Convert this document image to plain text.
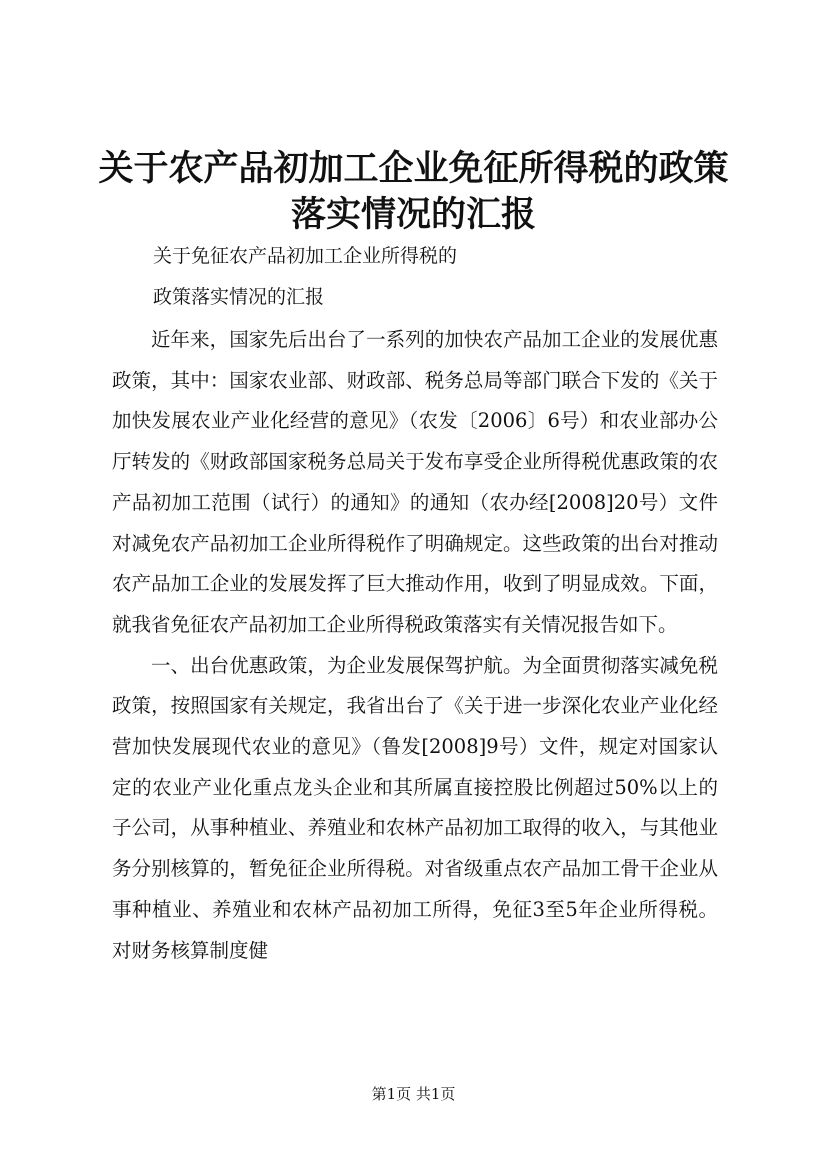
关于农产品初加工企业免征所得税的政策落实情况的汇报
关于免征农产品初加工企业所得税的
政策落实情况的汇报

近年来，国家先后出台了一系列的加快农产品加工企业的发展优惠政策，其中：国家农业部、财政部、税务总局等部门联合下发的《关于加快发展农业产业化经营的意见》（农发〔2006〕6号）和农业部办公厅转发的《财政部国家税务总局关于发布享受企业所得税优惠政策的农产品初加工范围（试行）的通知》的通知（农办经[2008]20号）文件对减免农产品初加工企业所得税作了明确规定。这些政策的出台对推动农产品加工企业的发展发挥了巨大推动作用，收到了明显成效。下面，就我省免征农产品初加工企业所得税政策落实有关情况报告如下。

一、出台优惠政策，为企业发展保驾护航。为全面贯彻落实减免税政策，按照国家有关规定，我省出台了《关于进一步深化农业产业化经营加快发展现代农业的意见》（鲁发[2008]9号）文件，规定对国家认定的农业产业化重点龙头企业和其所属直接控股比例超过50%以上的子公司，从事种植业、养殖业和农林产品初加工取得的收入，与其他业务分别核算的，暂免征企业所得税。对省级重点农产品加工骨干企业从事种植业、养殖业和农林产品初加工所得，免征3至5年企业所得税。对财务核算制度健

第1页 共1页
